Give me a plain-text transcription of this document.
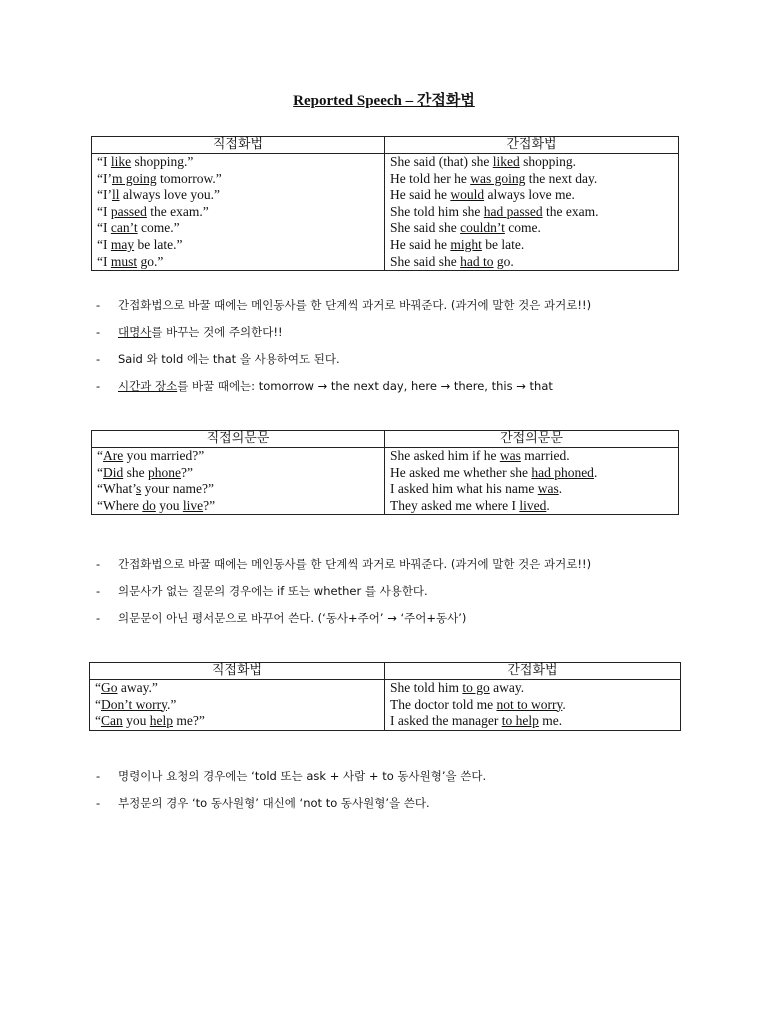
Reported Speech – 간접화법
직접화법	간접화법
“I like shopping.”	She said (that) she liked shopping.
“I’m going tomorrow.”	He told her he was going the next day.
“I’ll always love you.”	He said he would always love me.
“I passed the exam.”	She told him she had passed the exam.
“I can’t come.”	She said she couldn’t come.
“I may be late.”	He said he might be late.
“I must go.”	She said she had to go.
- 간접화법으로 바꿀 때에는 메인동사를 한 단계씩 과거로 바꿔준다. (과거에 말한 것은 과거로!!)
- 대명사를 바꾸는 것에 주의한다!!
- Said 와 told 에는 that 을 사용하여도 된다.
- 시간과 장소를 바꿀 때에는: tomorrow → the next day, here → there, this → that
직접의문문	간접의문문
“Are you married?”	She asked him if he was married.
“Did she phone?”	He asked me whether she had phoned.
“What’s your name?”	I asked him what his name was.
“Where do you live?”	They asked me where I lived.
- 간접화법으로 바꿀 때에는 메인동사를 한 단계씩 과거로 바꿔준다. (과거에 말한 것은 과거로!!)
- 의문사가 없는 질문의 경우에는 if 또는 whether 를 사용한다.
- 의문문이 아닌 평서문으로 바꾸어 쓴다. (‘동사+주어’ → ‘주어+동사’)
직접화법	간접화법
“Go away.”	She told him to go away.
“Don’t worry.”	The doctor told me not to worry.
“Can you help me?”	I asked the manager to help me.
- 명령이나 요청의 경우에는 ‘told 또는 ask + 사람 + to 동사원형’을 쓴다.
- 부정문의 경우 ‘to 동사원형’ 대신에 ‘not to 동사원형’을 쓴다.
